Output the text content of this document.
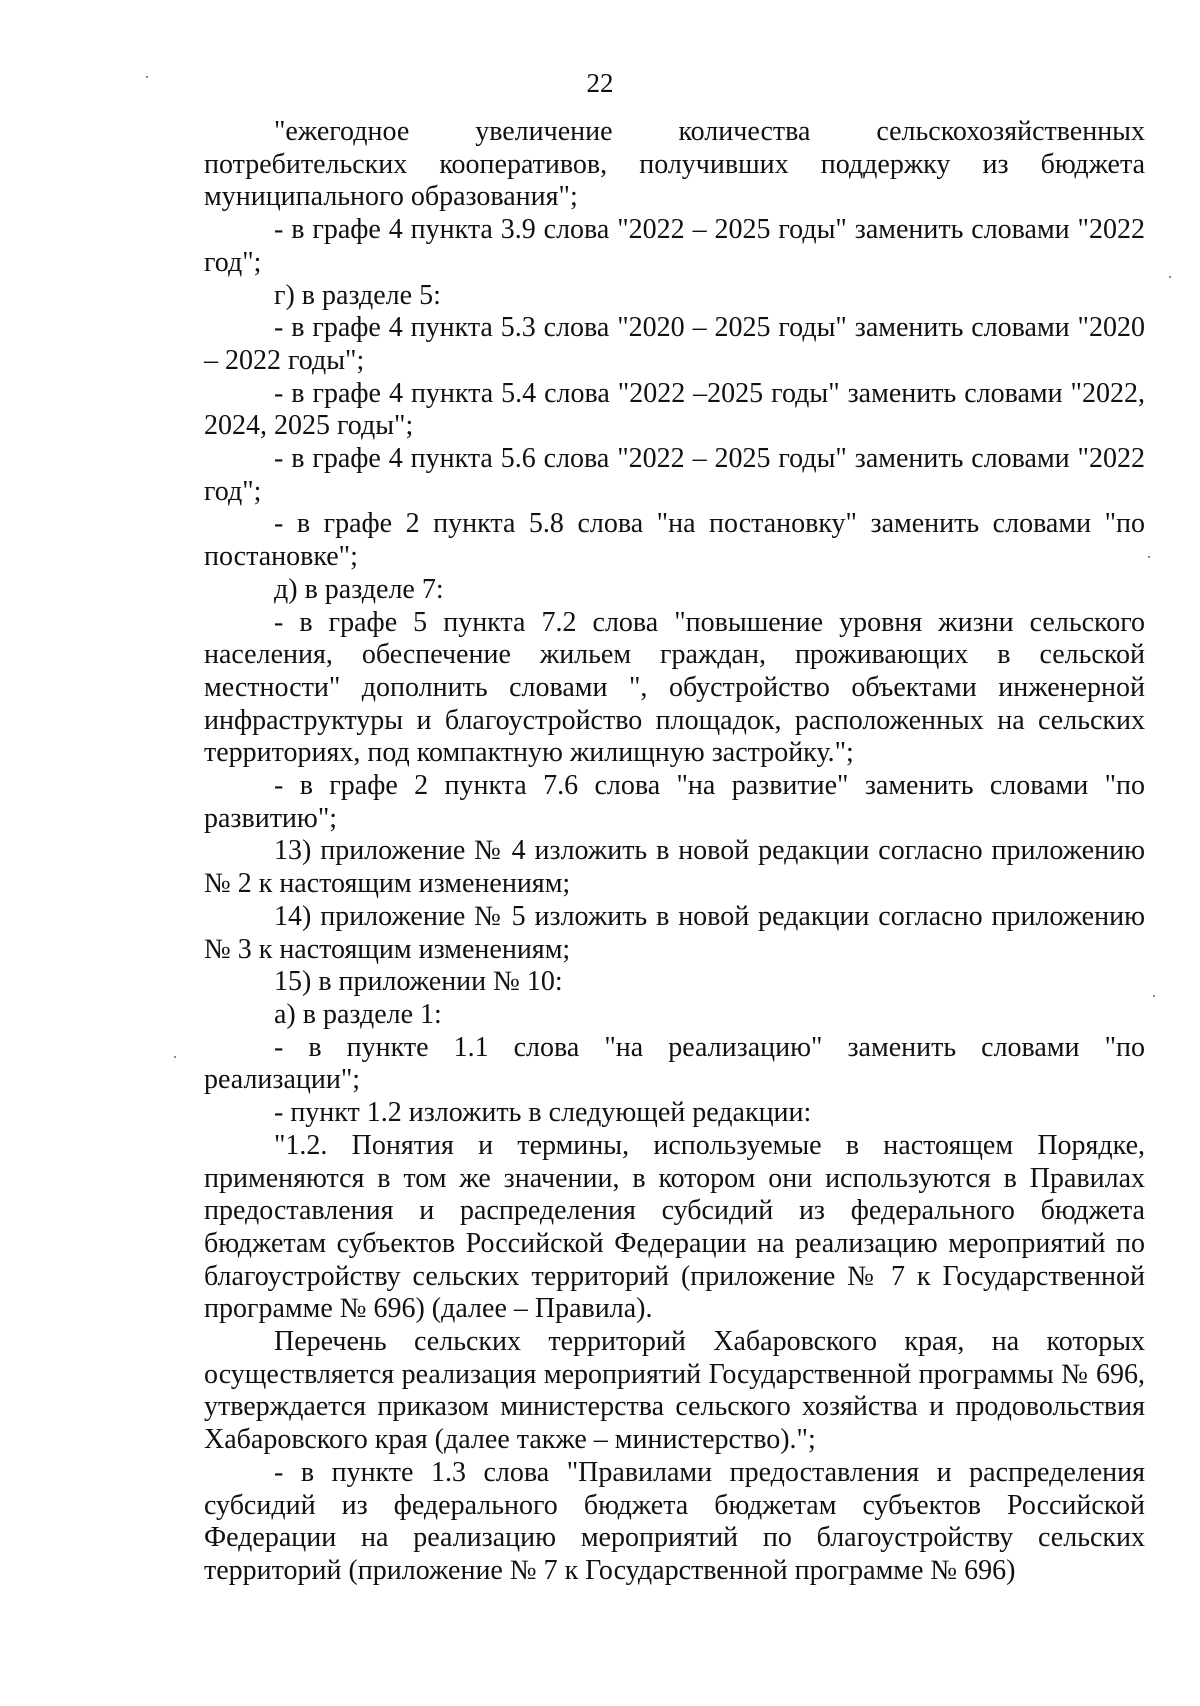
22

"ежегодное увеличение количества сельскохозяйственных потребительских кооперативов, получивших поддержку из бюджета муниципального образования";

- в графе 4 пункта 3.9 слова "2022 – 2025 годы" заменить словами "2022 год";

г) в разделе 5:

- в графе 4 пункта 5.3 слова "2020 – 2025 годы" заменить словами "2020 – 2022 годы";

- в графе 4 пункта 5.4 слова "2022 –2025 годы" заменить словами "2022, 2024, 2025 годы";

- в графе 4 пункта 5.6 слова "2022 – 2025 годы" заменить словами "2022 год";

- в графе 2 пункта 5.8 слова "на постановку" заменить словами "по постановке";

д) в разделе 7:

- в графе 5 пункта 7.2 слова "повышение уровня жизни сельского населения, обеспечение жильем граждан, проживающих в сельской местности" дополнить словами ", обустройство объектами инженерной инфраструктуры и благоустройство площадок, расположенных на сельских территориях, под компактную жилищную застройку.";

- в графе 2 пункта 7.6 слова "на развитие" заменить словами "по развитию";

13) приложение № 4 изложить в новой редакции согласно приложению № 2 к настоящим изменениям;

14) приложение № 5 изложить в новой редакции согласно приложению № 3 к настоящим изменениям;

15) в приложении № 10:

а) в разделе 1:

- в пункте 1.1 слова "на реализацию" заменить словами "по реализации";

- пункт 1.2 изложить в следующей редакции:

"1.2. Понятия и термины, используемые в настоящем Порядке, применяются в том же значении, в котором они используются в Правилах предоставления и распределения субсидий из федерального бюджета бюджетам субъектов Российской Федерации на реализацию мероприятий по благоустройству сельских территорий (приложение № 7 к Государственной программе № 696) (далее – Правила).

Перечень сельских территорий Хабаровского края, на которых осуществляется реализация мероприятий Государственной программы № 696, утверждается приказом министерства сельского хозяйства и продовольствия Хабаровского края (далее также – министерство).";

- в пункте 1.3 слова "Правилами предоставления и распределения субсидий из федерального бюджета бюджетам субъектов Российской Федерации на реализацию мероприятий по благоустройству сельских территорий (приложение № 7 к Государственной программе № 696)
